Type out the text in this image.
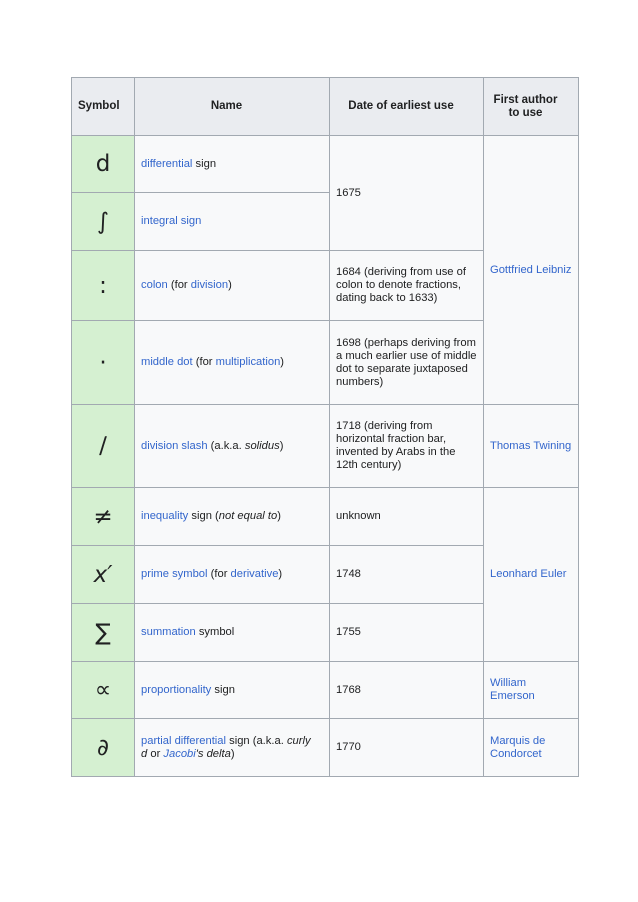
Symbol	Name	Date of earliest use	First author to use
d	differential sign	1675	Gottfried Leibniz

∫	integral sign		

:	colon (for division)	1684 (deriving from use of colon to denote fractions, dating back to 1633)	

·	middle dot (for multiplication)	1698 (perhaps deriving from a much earlier use of middle dot to separate juxtaposed numbers)	

∕	division slash (a.k.a. solidus)	1718 (deriving from horizontal fraction bar, invented by Arabs in the 12th century)	Thomas Twining

≠	inequality sign (not equal to)	unknown	Leonhard Euler

x′	prime symbol (for derivative)	1748	

∑	summation symbol	1755	

∝	proportionality sign	1768	William Emerson

∂	partial differential sign (a.k.a. curly d or Jacobi's delta)	1770	Marquis de Condorcet
